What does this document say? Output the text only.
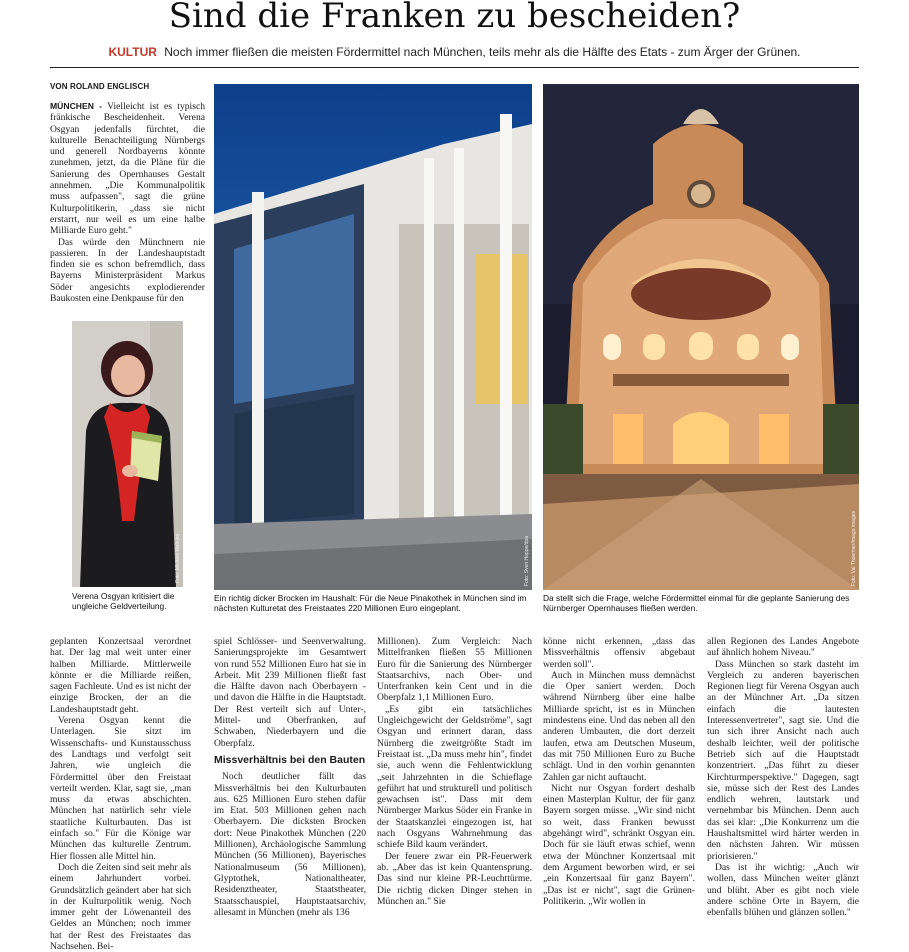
Sind die Franken zu bescheiden?
KULTUR Noch immer fließen die meisten Fördermittel nach München, teils mehr als die Hälfte des Etats - zum Ärger der Grünen.
VON ROLAND ENGLISCH

MÜNCHEN - Vielleicht ist es typisch fränkische Bescheidenheit. Verena Osgyan jedenfalls fürchtet, die kulturelle Benachteiligung Nürnbergs und generell Nordbayerns könnte zunehmen, jetzt, da die Pläne für die Sanierung des Opernhauses Gestalt annehmen. „Die Kommunalpolitik muss aufpassen", sagt die grüne Kulturpolitikerin, „dass sie nicht erstarrt, nur weil es um eine halbe Milliarde Euro geht."

Das würde den Münchnern nie passieren. In der Landeshauptstadt finden sie es schon befremdlich, dass Bayerns Ministerpräsident Markus Söder angesichts explodierender Baukosten eine Denkpause für den

Foto: Michael Matejka
Verena Osgyan kritisiert die ungleiche Geldverteilung.
Foto: Sven Hoppe/dpa
Ein richtig dicker Brocken im Haushalt: Für die Neue Pinakothek in München sind im nächsten Kulturetat des Freistaates 220 Millionen Euro eingeplant.
Foto: Val Thoermer/imago images
Da stellt sich die Frage, welche Fördermittel einmal für die geplante Sanierung des Nürnberger Opernhauses fließen werden.

geplanten Konzertsaal verordnet hat. Der lag mal weit unter einer halben Milliarde. Mittlerweile könnte er die Milliarde reißen, sagen Fachleute. Und es ist nicht der einzige Brocken, der an die Landeshauptstadt geht.

Verena Osgyan kennt die Unterlagen. Sie sitzt im Wissenschafts- und Kunstausschuss des Landtags und verfolgt seit Jahren, wie ungleich die Fördermittel über den Freistaat verteilt werden. Klar, sagt sie, „man muss da etwas abschichten. München hat natürlich sehr viele staatliche Kulturbauten. Das ist einfach so." Für die Könige war München das kulturelle Zentrum. Hier flossen alle Mittel hin.

Doch die Zeiten sind seit mehr als einem Jahrhundert vorbei. Grundsätzlich geändert aber hat sich in der Kulturpolitik wenig. Noch immer geht der Löwenanteil des Geldes an München; noch immer hat der Rest des Freistaates das Nachsehen. Bei-

spiel Schlösser- und Seenverwaltung. Sanierungsprojekte im Gesamtwert von rund 552 Millionen Euro hat sie in Arbeit. Mit 239 Millionen fließt fast die Hälfte davon nach Oberbayern - und davon die Hälfte in die Hauptstadt. Der Rest verteilt sich auf Unter-, Mittel- und Oberfranken, auf Schwaben, Niederbayern und die Oberpfalz.

Missverhältnis bei den Bauten

Noch deutlicher fällt das Missverhältnis bei den Kulturbauten aus. 625 Millionen Euro stehen dafür im Etat. 503 Millionen gehen nach Oberbayern. Die dicksten Brocken dort: Neue Pinakothek München (220 Millionen), Archäologische Sammlung München (56 Millionen), Bayerisches Nationalmuseum (56 Millionen), Glyptothek, Nationaltheater, Residenztheater, Staatstheater, Staatsschauspiel, Hauptstaatsarchiv, allesamt in München (mehr als 136

Millionen). Zum Vergleich: Nach Mittelfranken fließen 55 Millionen Euro für die Sanierung des Nürnberger Staatsarchivs, nach Ober- und Unterfranken kein Cent und in die Oberpfalz 1,1 Millionen Euro.

„Es gibt ein tatsächliches Ungleichgewicht der Geldströme", sagt Osgyan und erinnert daran, dass Nürnberg die zweitgrößte Stadt im Freistaat ist. „Da muss mehr hin", findet sie, auch wenn die Fehlentwicklung „seit Jahrzehnten in die Schieflage geführt hat und strukturell und politisch gewachsen ist". Dass mit dem Nürnberger Markus Söder ein Franke in der Staatskanzlei eingezogen ist, hat nach Osgyans Wahrnehmung das schiefe Bild kaum verändert.

Der feuere zwar ein PR-Feuerwerk ab. „Aber das ist kein Quantensprung. Das sind nur kleine PR-Leuchttürme. Die richtig dicken Dinger stehen in München an." Sie

könne nicht erkennen, „dass das Missverhältnis offensiv abgebaut werden soll".

Auch in München muss demnächst die Oper saniert werden. Doch während Nürnberg über eine halbe Milliarde spricht, ist es in München mindestens eine. Und das neben all den anderen Umbauten, die dort derzeit laufen, etwa am Deutschen Museum, das mit 750 Millionen Euro zu Buche schlägt. Und in den vorhin genannten Zahlen gar nicht auftaucht.

Nicht nur Osgyan fordert deshalb einen Masterplan Kultur, der für ganz Bayern sorgen müsse. „Wir sind nicht so weit, dass Franken bewusst abgehängt wird", schränkt Osgyan ein. Doch für sie läuft etwas schief, wenn etwa der Münchner Konzertsaal mit dem Argument beworben wird, er sei „ein Konzertsaal für ganz Bayern". „Das ist er nicht", sagt die Grünen-Politikerin. „Wir wollen in

allen Regionen des Landes Angebote auf ähnlich hohem Niveau."

Dass München so stark dasteht im Vergleich zu anderen bayerischen Regionen liegt für Verena Osgyan auch an der Münchner Art. „Da sitzen einfach die lautesten Interessenvertreter", sagt sie. Und die tun sich ihrer Ansicht nach auch deshalb leichter, weil der politische Betrieb sich auf die Hauptstadt konzentriert. „Das führt zu dieser Kirchturmperspektive." Dagegen, sagt sie, müsse sich der Rest des Landes endlich wehren, lautstark und vernehmbar bis München. Denn auch das sei klar: „Die Konkurrenz um die Haushaltsmittel wird härter werden in den nächsten Jahren. Wir müssen priorisieren."

Das ist ihr wichtig: „Auch wir wollen, dass München weiter glänzt und blüht. Aber es gibt noch viele andere schöne Orte in Bayern, die ebenfalls blühen und glänzen sollen."
